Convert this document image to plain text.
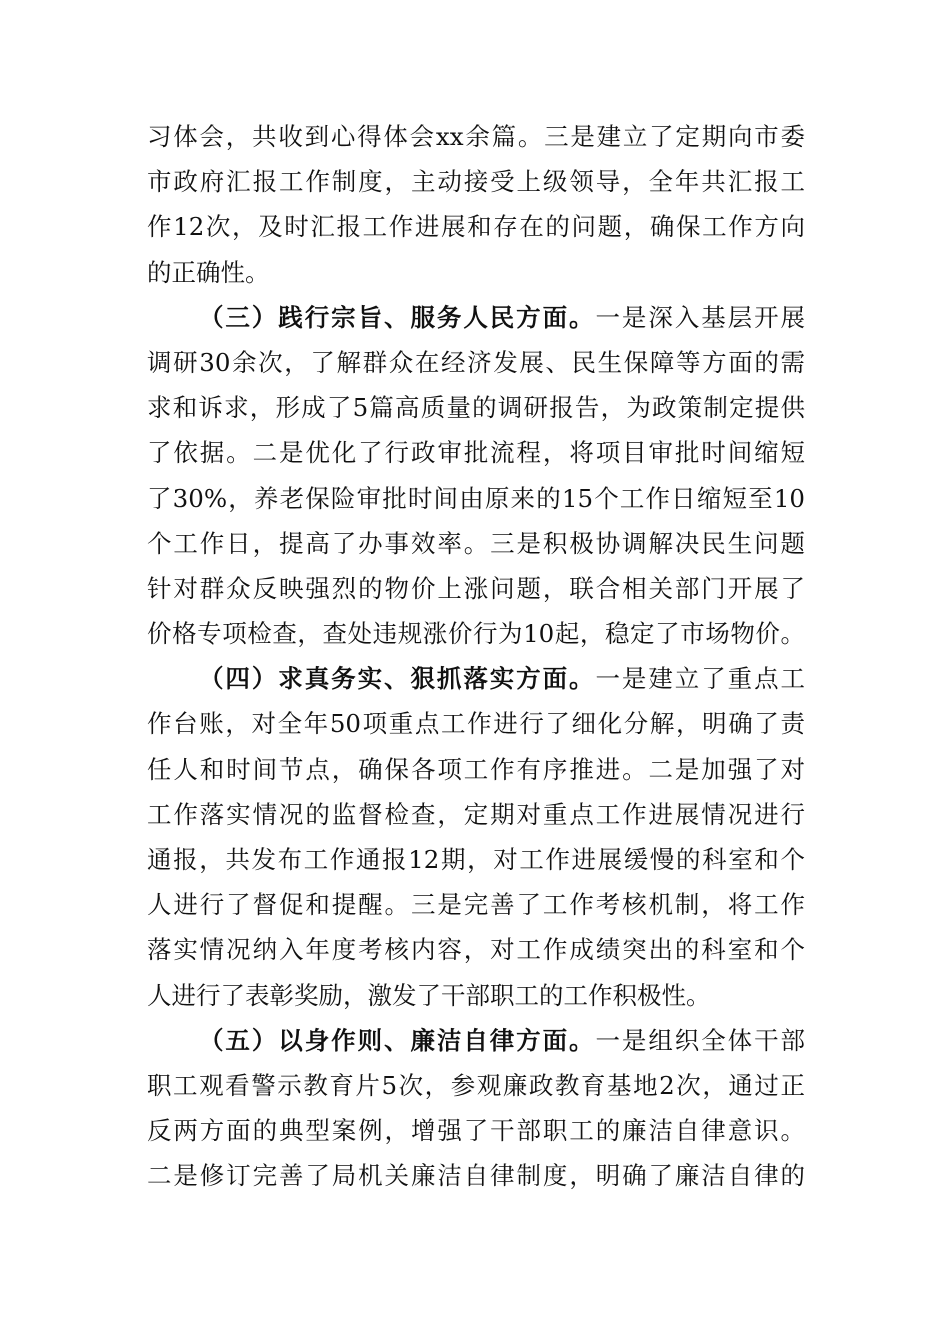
习体会，共收到心得体会xx余篇。三是建立了定期向市委
市政府汇报工作制度，主动接受上级领导，全年共汇报工
作12次，及时汇报工作进展和存在的问题，确保工作方向
的正确性。
（三）践行宗旨、服务人民方面。一是深入基层开展
调研30余次，了解群众在经济发展、民生保障等方面的需
求和诉求，形成了5篇高质量的调研报告，为政策制定提供
了依据。二是优化了行政审批流程，将项目审批时间缩短
了30%，养老保险审批时间由原来的15个工作日缩短至10
个工作日，提高了办事效率。三是积极协调解决民生问题
针对群众反映强烈的物价上涨问题，联合相关部门开展了
价格专项检查，查处违规涨价行为10起，稳定了市场物价。
（四）求真务实、狠抓落实方面。一是建立了重点工
作台账，对全年50项重点工作进行了细化分解，明确了责
任人和时间节点，确保各项工作有序推进。二是加强了对
工作落实情况的监督检查，定期对重点工作进展情况进行
通报，共发布工作通报12期，对工作进展缓慢的科室和个
人进行了督促和提醒。三是完善了工作考核机制，将工作
落实情况纳入年度考核内容，对工作成绩突出的科室和个
人进行了表彰奖励，激发了干部职工的工作积极性。
（五）以身作则、廉洁自律方面。一是组织全体干部
职工观看警示教育片5次，参观廉政教育基地2次，通过正
反两方面的典型案例，增强了干部职工的廉洁自律意识。
二是修订完善了局机关廉洁自律制度，明确了廉洁自律的
